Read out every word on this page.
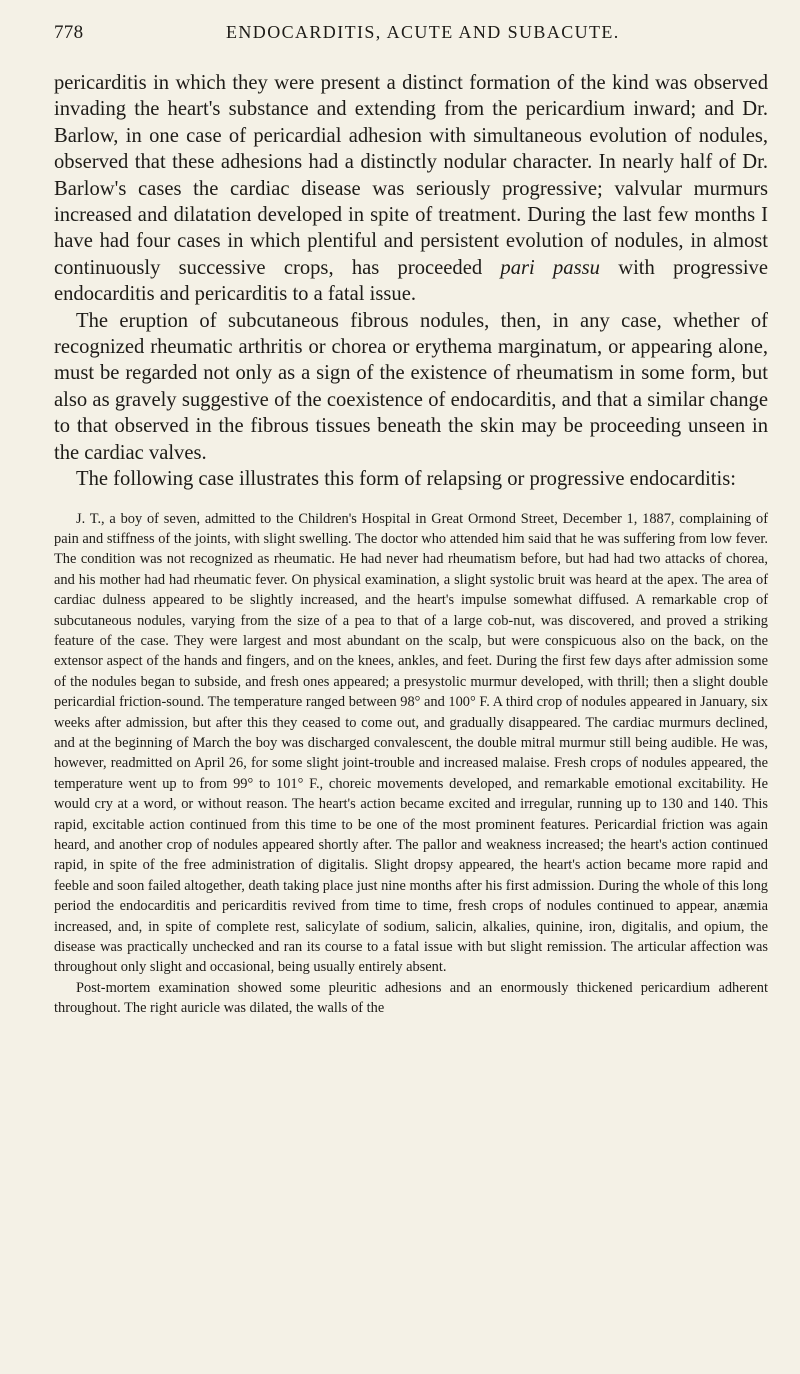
778	ENDOCARDITIS, ACUTE AND SUBACUTE.

pericarditis in which they were present a distinct formation of the kind was observed invading the heart's substance and extending from the pericardium inward; and Dr. Barlow, in one case of pericardial adhesion with simultaneous evolution of nodules, observed that these adhesions had a distinctly nodular character. In nearly half of Dr. Barlow's cases the cardiac disease was seriously progressive; valvular murmurs increased and dilatation developed in spite of treatment. During the last few months I have had four cases in which plentiful and persistent evolution of nodules, in almost continuously successive crops, has proceeded pari passu with progressive endocarditis and pericarditis to a fatal issue.

The eruption of subcutaneous fibrous nodules, then, in any case, whether of recognized rheumatic arthritis or chorea or erythema marginatum, or appearing alone, must be regarded not only as a sign of the existence of rheumatism in some form, but also as gravely suggestive of the coexistence of endocarditis, and that a similar change to that observed in the fibrous tissues beneath the skin may be proceeding unseen in the cardiac valves.

The following case illustrates this form of relapsing or progressive endocarditis:

J. T., a boy of seven, admitted to the Children's Hospital in Great Ormond Street, December 1, 1887, complaining of pain and stiffness of the joints, with slight swelling. The doctor who attended him said that he was suffering from low fever. The condition was not recognized as rheumatic. He had never had rheumatism before, but had had two attacks of chorea, and his mother had had rheumatic fever. On physical examination, a slight systolic bruit was heard at the apex. The area of cardiac dulness appeared to be slightly increased, and the heart's impulse somewhat diffused. A remarkable crop of subcutaneous nodules, varying from the size of a pea to that of a large cob-nut, was discovered, and proved a striking feature of the case. They were largest and most abundant on the scalp, but were conspicuous also on the back, on the extensor aspect of the hands and fingers, and on the knees, ankles, and feet. During the first few days after admission some of the nodules began to subside, and fresh ones appeared; a presystolic murmur developed, with thrill; then a slight double pericardial friction-sound. The temperature ranged between 98° and 100° F. A third crop of nodules appeared in January, six weeks after admission, but after this they ceased to come out, and gradually disappeared. The cardiac murmurs declined, and at the beginning of March the boy was discharged convalescent, the double mitral murmur still being audible. He was, however, readmitted on April 26, for some slight joint-trouble and increased malaise. Fresh crops of nodules appeared, the temperature went up to from 99° to 101° F., choreic movements developed, and remarkable emotional excitability. He would cry at a word, or without reason. The heart's action became excited and irregular, running up to 130 and 140. This rapid, excitable action continued from this time to be one of the most prominent features. Pericardial friction was again heard, and another crop of nodules appeared shortly after. The pallor and weakness increased; the heart's action continued rapid, in spite of the free administration of digitalis. Slight dropsy appeared, the heart's action became more rapid and feeble and soon failed altogether, death taking place just nine months after his first admission. During the whole of this long period the endocarditis and pericarditis revived from time to time, fresh crops of nodules continued to appear, anæmia increased, and, in spite of complete rest, salicylate of sodium, salicin, alkalies, quinine, iron, digitalis, and opium, the disease was practically unchecked and ran its course to a fatal issue with but slight remission. The articular affection was throughout only slight and occasional, being usually entirely absent.

Post-mortem examination showed some pleuritic adhesions and an enormously thickened pericardium adherent throughout. The right auricle was dilated, the walls of the
